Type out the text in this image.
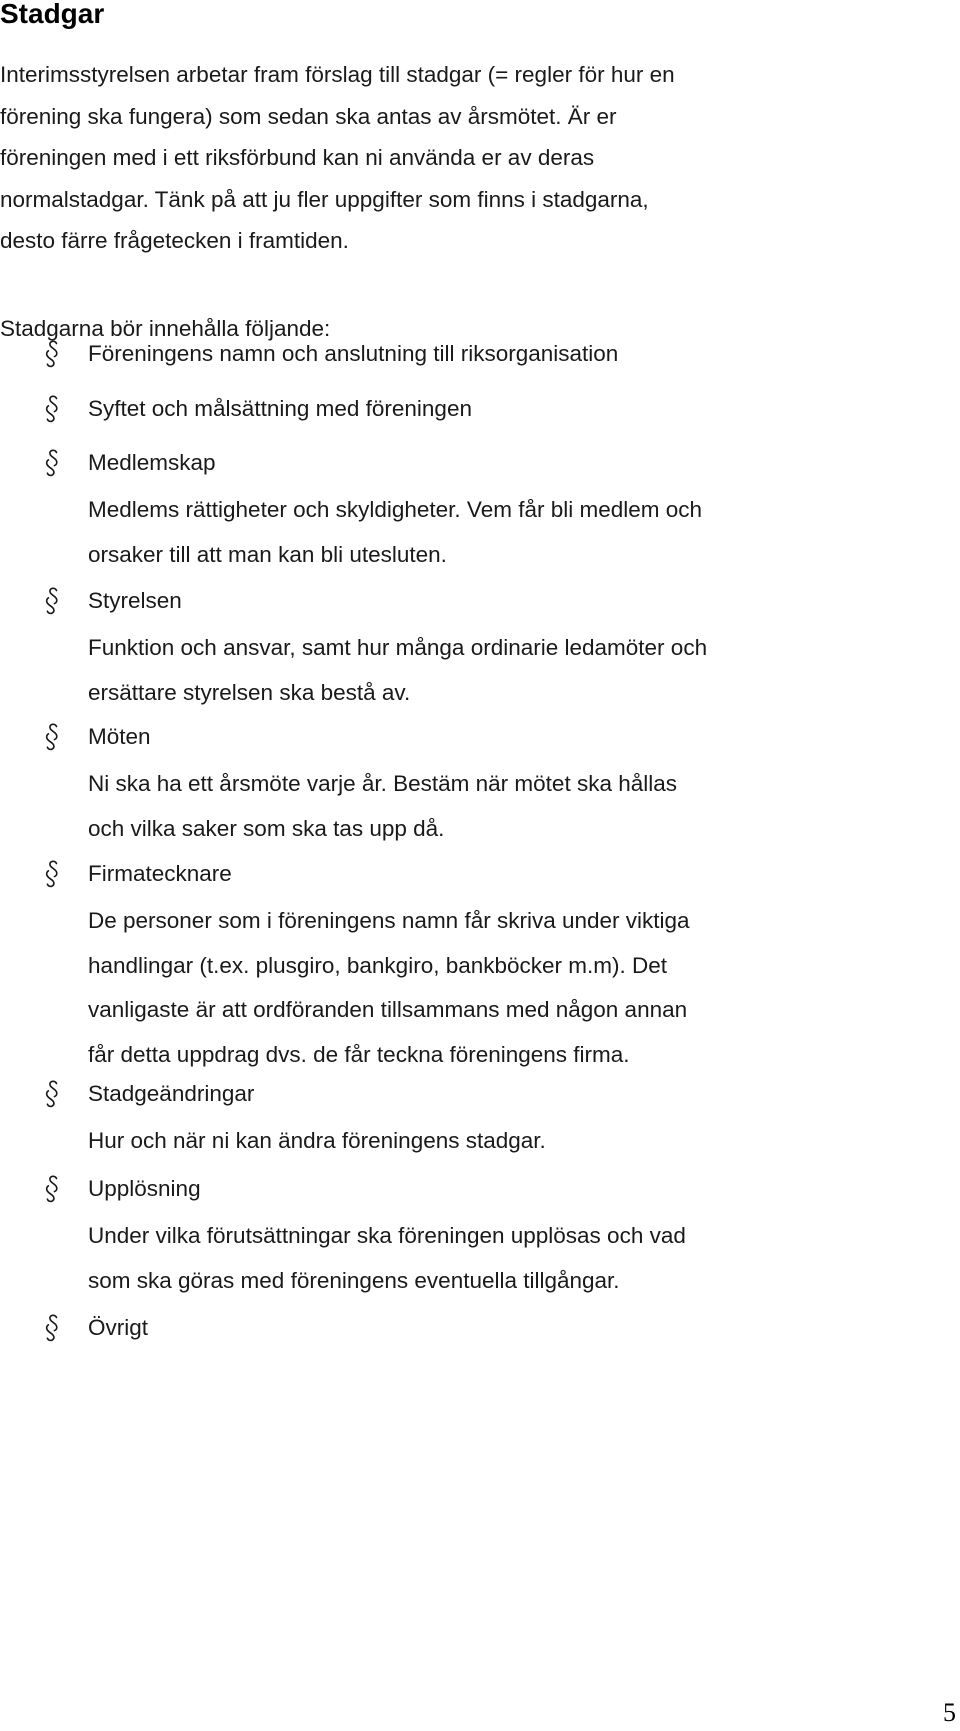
Stadgar

Interimsstyrelsen arbetar fram förslag till stadgar (= regler för hur en
förening ska fungera) som sedan ska antas av årsmötet. Är er
föreningen med i ett riksförbund kan ni använda er av deras
normalstadgar. Tänk på att ju fler uppgifter som finns i stadgarna,
desto färre frågetecken i framtiden.

Stadgarna bör innehålla följande:

Föreningens namn och anslutning till riksorganisation
Syftet och målsättning med föreningen
Medlemskap
Medlems rättigheter och skyldigheter. Vem får bli medlem och
orsaker till att man kan bli utesluten.
Styrelsen
Funktion och ansvar, samt hur många ordinarie ledamöter och
ersättare styrelsen ska bestå av.
Möten
Ni ska ha ett årsmöte varje år. Bestäm när mötet ska hållas
och vilka saker som ska tas upp då.
Firmatecknare
De personer som i föreningens namn får skriva under viktiga
handlingar (t.ex. plusgiro, bankgiro, bankböcker m.m). Det
vanligaste är att ordföranden tillsammans med någon annan
får detta uppdrag dvs. de får teckna föreningens firma.
Stadgeändringar
Hur och när ni kan ändra föreningens stadgar.
Upplösning
Under vilka förutsättningar ska föreningen upplösas och vad
som ska göras med föreningens eventuella tillgångar.
Övrigt
5
